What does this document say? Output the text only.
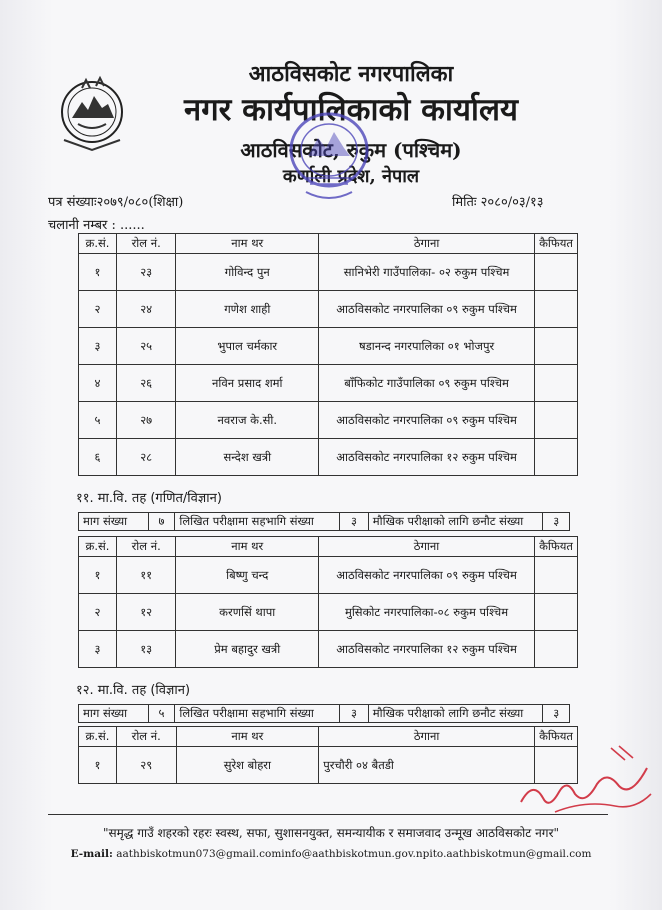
आठविसकोट नगरपालिका
नगर कार्यपालिकाको कार्यालय
आठविसकोट, रुकुम (पश्चिम)
कर्णाली प्रदेश, नेपाल
पत्र संख्याः२०७९/०८०(शिक्षा)	मितिः २०८०/०३/१३
चलानी नम्बर : ......
क्र.सं.	रोल नं.	नाम थर	ठेगाना	कैफियत
१	२३	गोविन्द पुन	सानिभेरी गाउँपालिका- ०२ रुकुम पश्चिम	
२	२४	गणेश शाही	आठविसकोट नगरपालिका ०९ रुकुम पश्चिम	
३	२५	भुपाल चर्मकार	षडानन्द नगरपालिका ०१ भोजपुर	
४	२६	नविन प्रसाद शर्मा	बाँफिकोट गाउँपालिका ०९ रुकुम पश्चिम	
५	२७	नवराज के.सी.	आठविसकोट नगरपालिका ०९ रुकुम पश्चिम	
६	२८	सन्देश खत्री	आठविसकोट नगरपालिका १२ रुकुम पश्चिम	
११. मा.वि. तह (गणित/विज्ञान)
माग संख्या	७	लिखित परीक्षामा सहभागि संख्या	३	मौखिक परीक्षाको लागि छनौट संख्या	३
क्र.सं.	रोल नं.	नाम थर	ठेगाना	कैफियत
१	११	बिष्णु चन्द	आठविसकोट नगरपालिका ०९ रुकुम पश्चिम	
२	१२	करणसिं थापा	मुसिकोट नगरपालिका-०८ रुकुम पश्चिम	
३	१३	प्रेम बहादुर खत्री	आठविसकोट नगरपालिका १२ रुकुम पश्चिम	
१२. मा.वि. तह (विज्ञान)
माग संख्या	५	लिखित परीक्षामा सहभागि संख्या	३	मौखिक परीक्षाको लागि छनौट संख्या	३
क्र.सं.	रोल नं.	नाम थर	ठेगाना	कैफियत
१	२९	सुरेश बोहरा	पुरचौरी ०४ बैतडी	
"समृद्ध गाउँ शहरको रहरः स्वस्थ, सफा, सुशासनयुक्त, समन्यायीक र समाजवाद उन्मूख आठविसकोट नगर"
E-mail: aathbiskotmun073@gmail.cominfo@aathbiskotmun.gov.npito.aathbiskotmun@gmail.com
